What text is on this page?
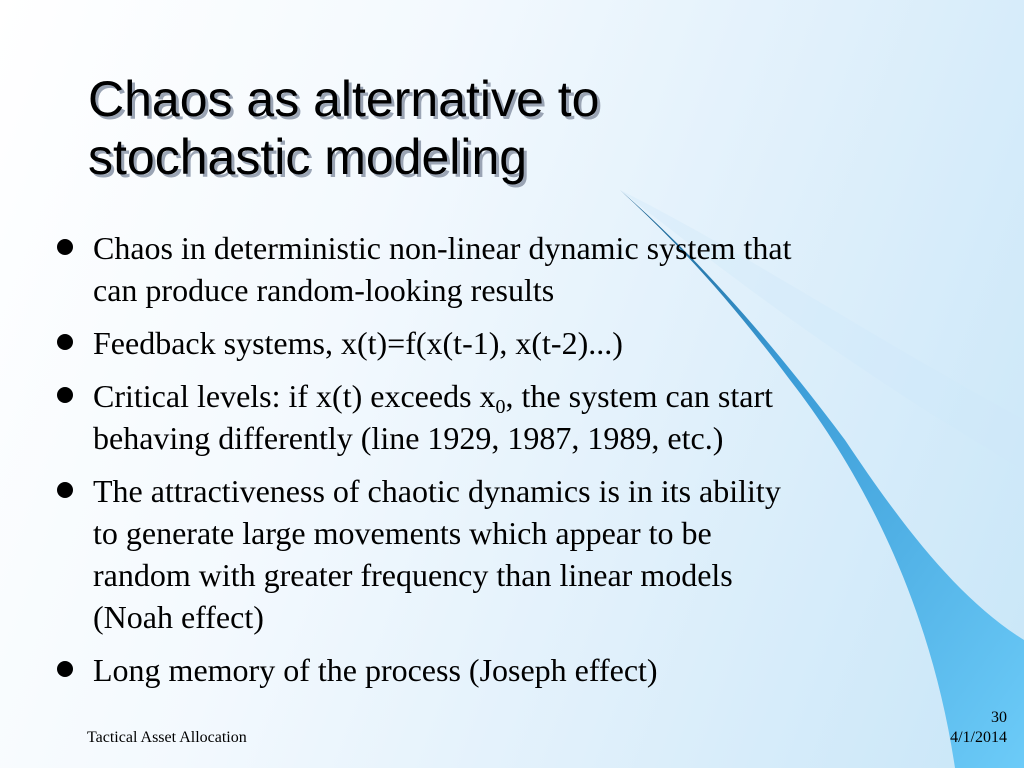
Chaos as alternative to
stochastic modeling
Chaos in deterministic non-linear dynamic system that
can produce random-looking results
Feedback systems, x(t)=f(x(t-1), x(t-2)...)
Critical levels: if x(t) exceeds $x_0$, the system can start
behaving differently (line 1929, 1987, 1989, etc.)
The attractiveness of chaotic dynamics is in its ability
to generate large movements which appear to be
random with greater frequency than linear models
(Noah effect)
Long memory of the process (Joseph effect)
Tactical Asset Allocation
30
4/1/2014
